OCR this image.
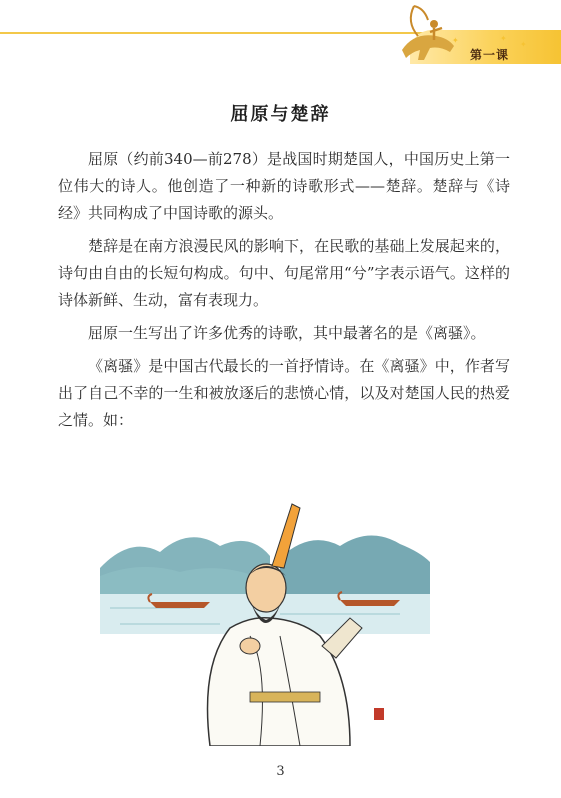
✦	✦
✦
第一课
屈原与楚辞

屈原（约前340—前278）是战国时期楚国人，中国历史上第一位伟大的诗人。他创造了一种新的诗歌形式——楚辞。楚辞与《诗经》共同构成了中国诗歌的源头。

楚辞是在南方浪漫民风的影响下，在民歌的基础上发展起来的，诗句由自由的长短句构成。句中、句尾常用“兮”字表示语气。这样的诗体新鲜、生动，富有表现力。

屈原一生写出了许多优秀的诗歌，其中最著名的是《离骚》。

《离骚》是中国古代最长的一首抒情诗。在《离骚》中，作者写出了自己不幸的一生和被放逐后的悲愤心情，以及对楚国人民的热爱之情。如：

3
